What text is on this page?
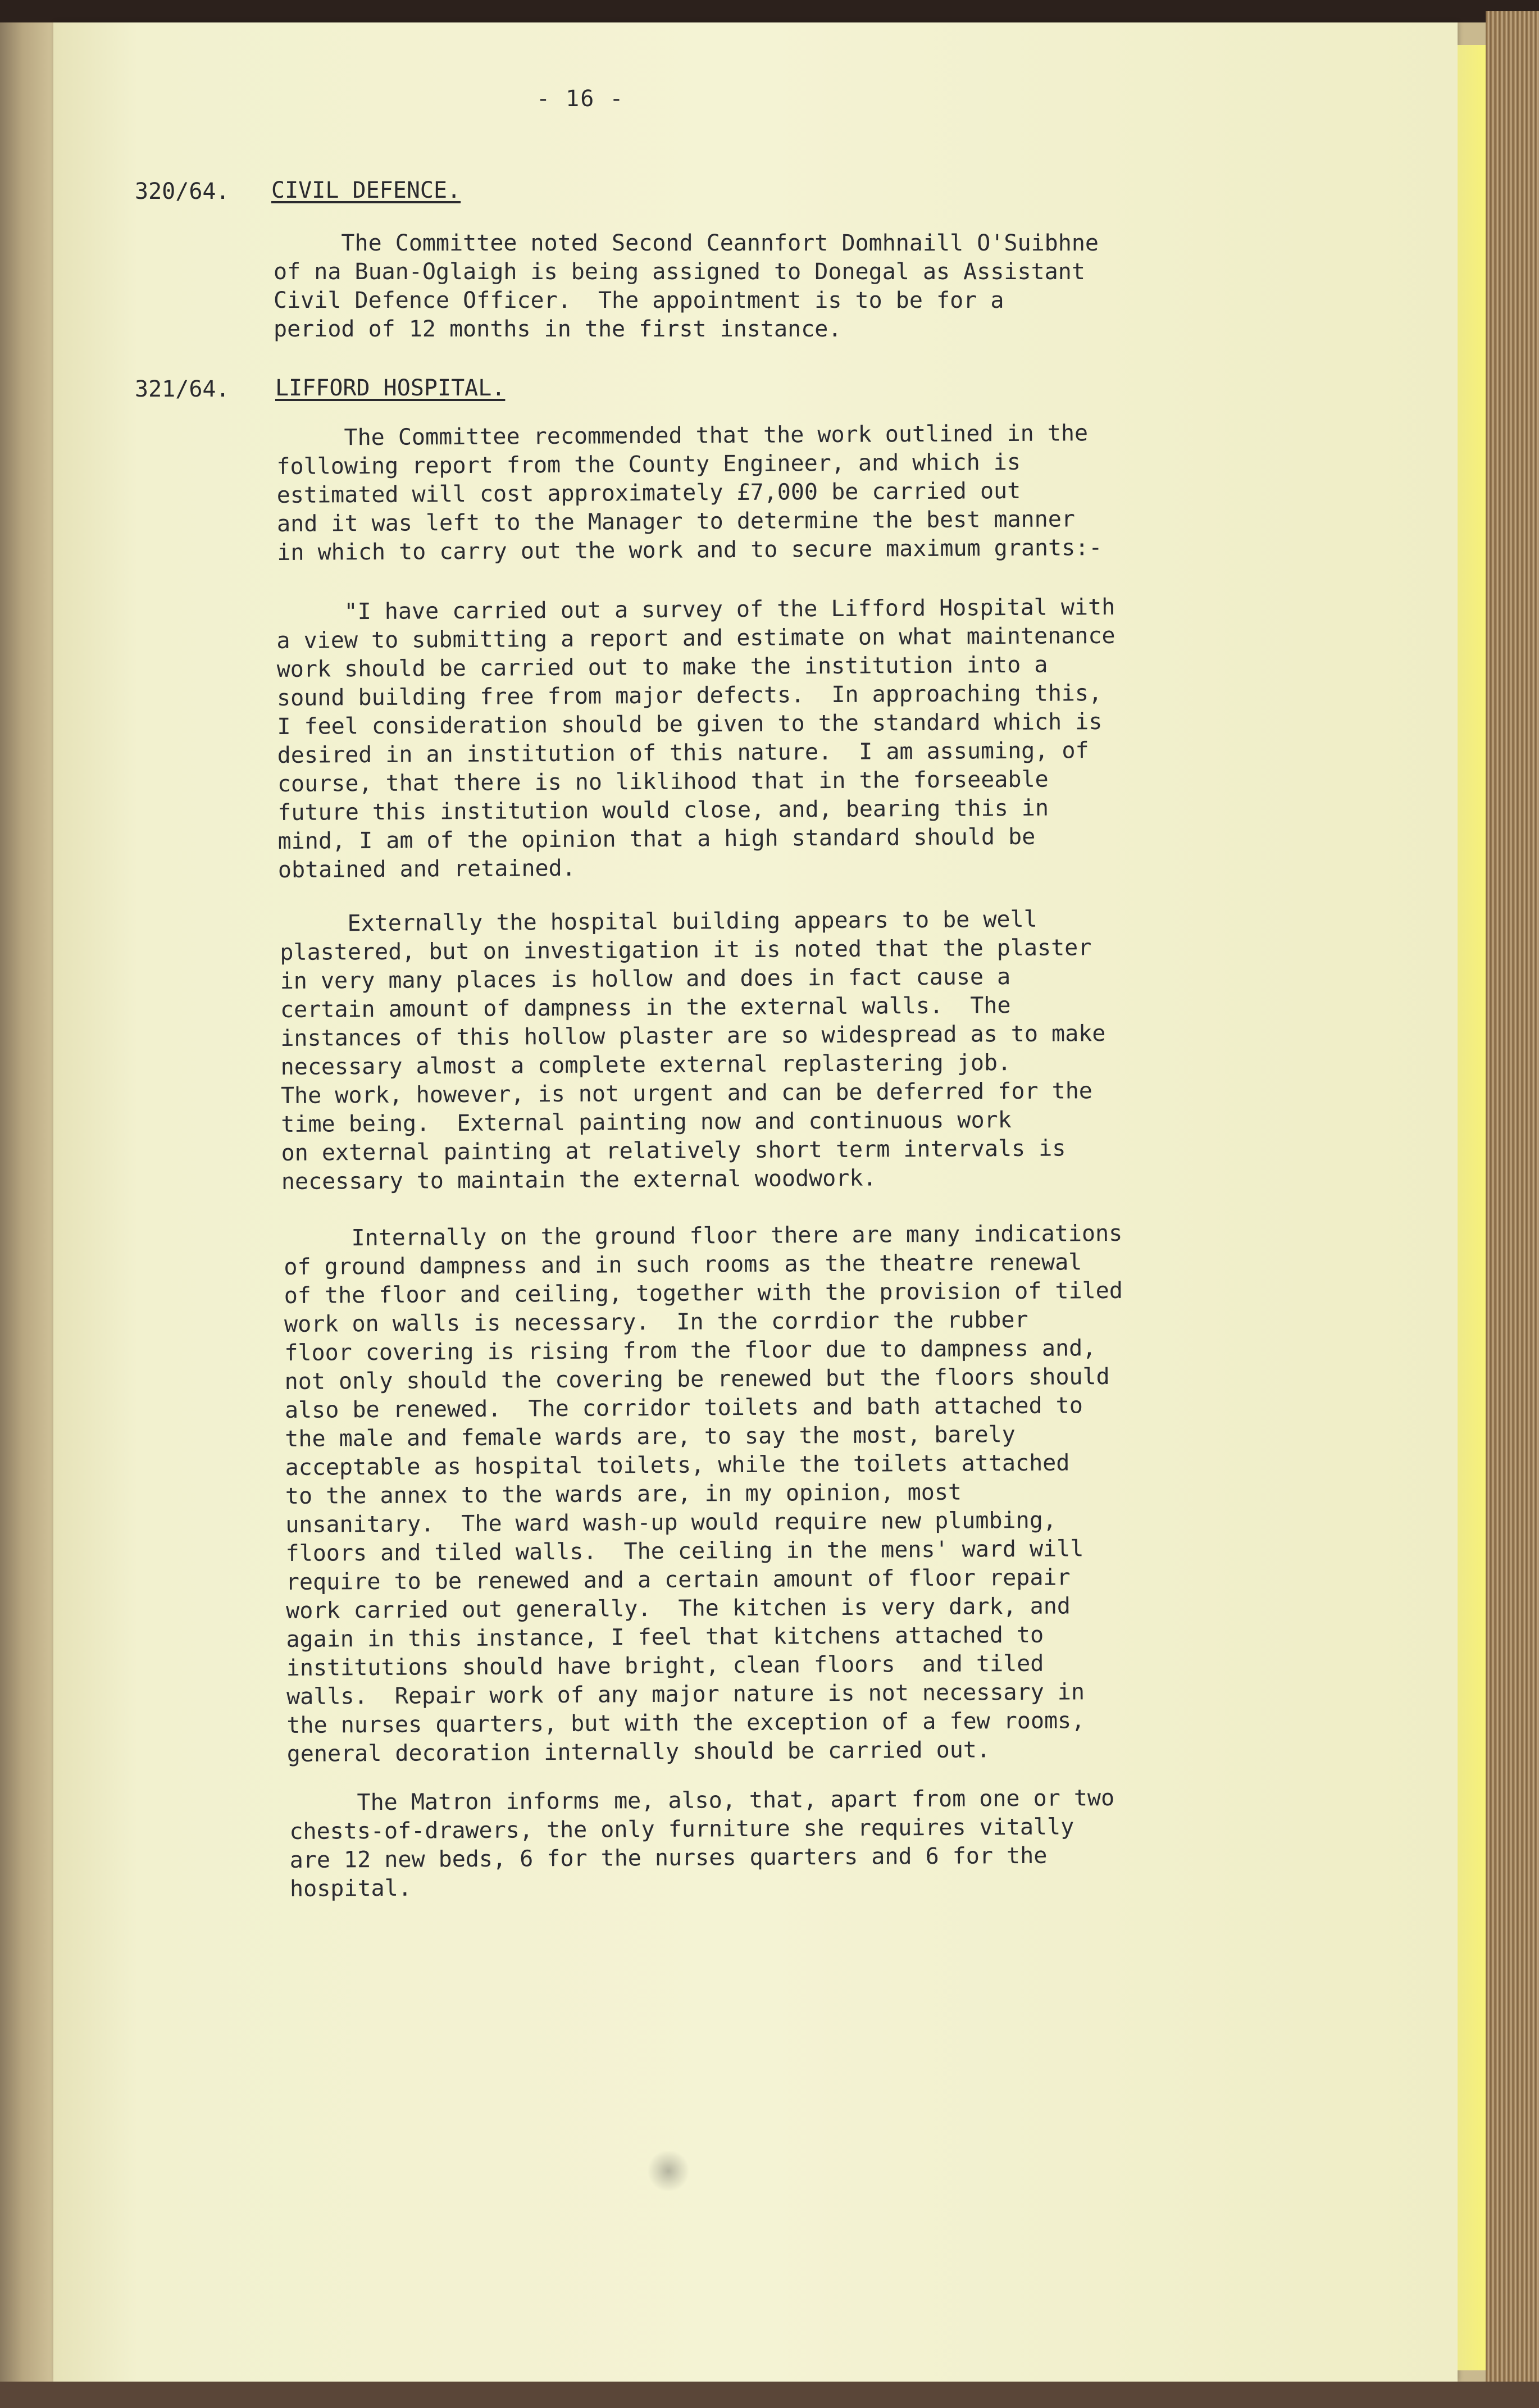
- 16 -
320/64. CIVIL DEFENCE.
The Committee noted Second Ceannfort Domhnaill O'Suibhne
of na Buan-Oglaigh is being assigned to Donegal as Assistant
Civil Defence Officer.  The appointment is to be for a
period of 12 months in the first instance.
321/64. LIFFORD HOSPITAL.
The Committee recommended that the work outlined in the
following report from the County Engineer, and which is
estimated will cost approximately £7,000 be carried out
and it was left to the Manager to determine the best manner
in which to carry out the work and to secure maximum grants:-
"I have carried out a survey of the Lifford Hospital with
a view to submitting a report and estimate on what maintenance
work should be carried out to make the institution into a
sound building free from major defects.  In approaching this,
I feel consideration should be given to the standard which is
desired in an institution of this nature.  I am assuming, of
course, that there is no liklihood that in the forseeable
future this institution would close, and, bearing this in
mind, I am of the opinion that a high standard should be
obtained and retained.
Externally the hospital building appears to be well
plastered, but on investigation it is noted that the plaster
in very many places is hollow and does in fact cause a
certain amount of dampness in the external walls.  The
instances of this hollow plaster are so widespread as to make
necessary almost a complete external replastering job.
The work, however, is not urgent and can be deferred for the
time being.  External painting now and continuous work
on external painting at relatively short term intervals is
necessary to maintain the external woodwork.
Internally on the ground floor there are many indications
of ground dampness and in such rooms as the theatre renewal
of the floor and ceiling, together with the provision of tiled
work on walls is necessary.  In the corrdior the rubber
floor covering is rising from the floor due to dampness and,
not only should the covering be renewed but the floors should
also be renewed.  The corridor toilets and bath attached to
the male and female wards are, to say the most, barely
acceptable as hospital toilets, while the toilets attached
to the annex to the wards are, in my opinion, most
unsanitary.  The ward wash-up would require new plumbing,
floors and tiled walls.  The ceiling in the mens' ward will
require to be renewed and a certain amount of floor repair
work carried out generally.  The kitchen is very dark, and
again in this instance, I feel that kitchens attached to
institutions should have bright, clean floors  and tiled
walls.  Repair work of any major nature is not necessary in
the nurses quarters, but with the exception of a few rooms,
general decoration internally should be carried out.
The Matron informs me, also, that, apart from one or two
chests-of-drawers, the only furniture she requires vitally
are 12 new beds, 6 for the nurses quarters and 6 for the
hospital.
